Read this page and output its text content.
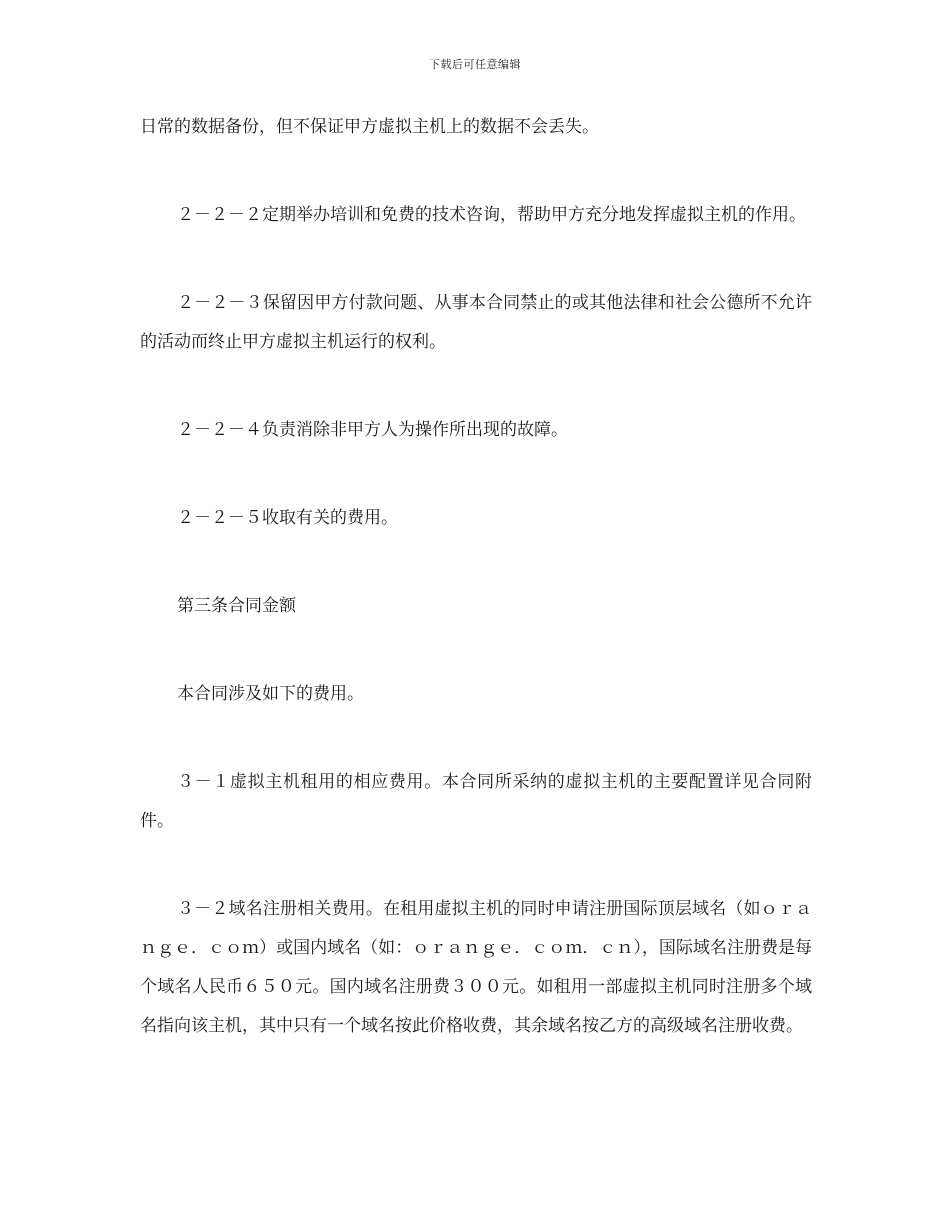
下载后可任意编辑

日常的数据备份，但不保证甲方虚拟主机上的数据不会丢失。

２－２－２定期举办培训和免费的技术咨询，帮助甲方充分地发挥虚拟主机的作用。

２－２－３保留因甲方付款问题、从事本合同禁止的或其他法律和社会公德所不允许的活动而终止甲方虚拟主机运行的权利。

２－２－４负责消除非甲方人为操作所出现的故障。

２－２－５收取有关的费用。

第三条合同金额

本合同涉及如下的费用。

３－１虚拟主机租用的相应费用。本合同所采纳的虚拟主机的主要配置详见合同附件。

３－２域名注册相关费用。在租用虚拟主机的同时申请注册国际顶层域名（如ｏｒａｎｇｅ．ｃｏｍ）或国内域名（如：ｏｒａｎｇｅ．ｃｏｍ．ｃｎ），国际域名注册费是每个域名人民币６５０元。国内域名注册费３００元。如租用一部虚拟主机同时注册多个域名指向该主机，其中只有一个域名按此价格收费，其余域名按乙方的高级域名注册收费。
